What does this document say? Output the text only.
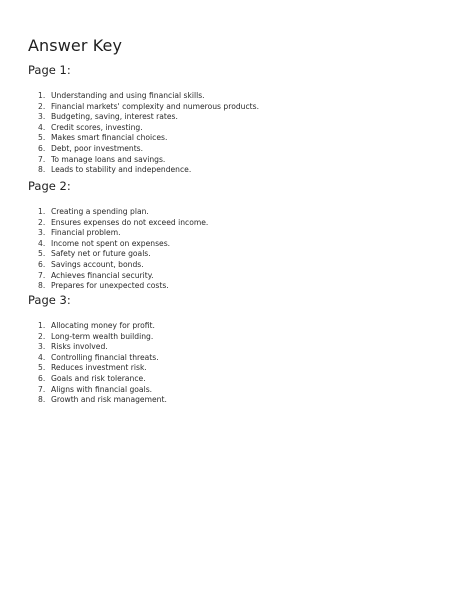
Answer Key
Page 1:
1. Understanding and using financial skills.
2. Financial markets' complexity and numerous products.
3. Budgeting, saving, interest rates.
4. Credit scores, investing.
5. Makes smart financial choices.
6. Debt, poor investments.
7. To manage loans and savings.
8. Leads to stability and independence.
Page 2:
1. Creating a spending plan.
2. Ensures expenses do not exceed income.
3. Financial problem.
4. Income not spent on expenses.
5. Safety net or future goals.
6. Savings account, bonds.
7. Achieves financial security.
8. Prepares for unexpected costs.
Page 3:
1. Allocating money for profit.
2. Long-term wealth building.
3. Risks involved.
4. Controlling financial threats.
5. Reduces investment risk.
6. Goals and risk tolerance.
7. Aligns with financial goals.
8. Growth and risk management.
